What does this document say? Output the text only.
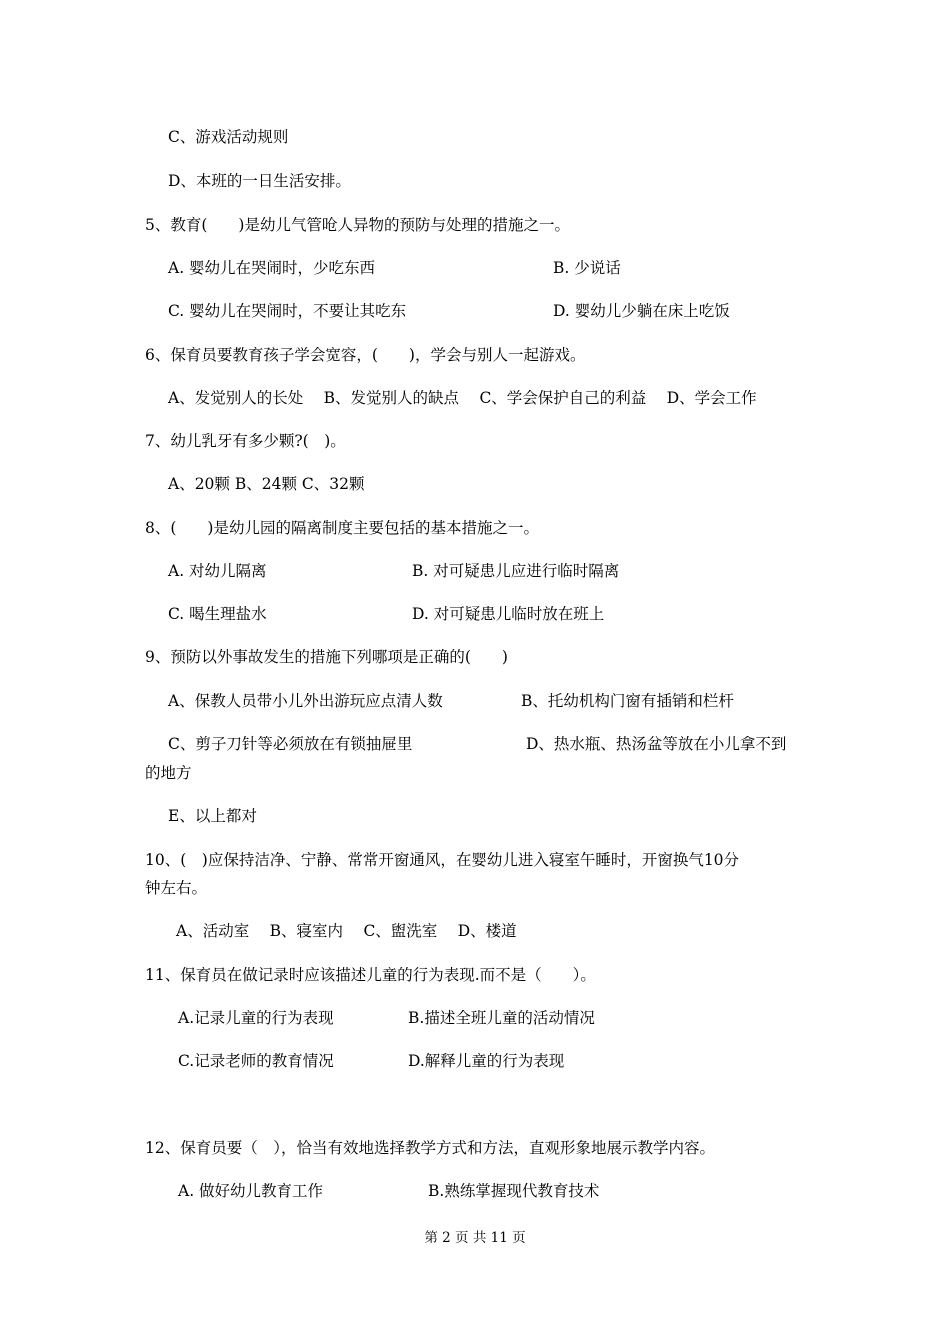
C、游戏活动规则
D、本班的一日生活安排。
5、教育(　　)是幼儿气管呛人异物的预防与处理的措施之一。
A. 婴幼儿在哭闹时，少吃东西	B. 少说话
C. 婴幼儿在哭闹时，不要让其吃东	D. 婴幼儿少躺在床上吃饭
6、保育员要教育孩子学会宽容，(　　)，学会与别人一起游戏。
A、发觉别人的长处　 B、发觉别人的缺点　 C、学会保护自己的利益　 D、学会工作
7、幼儿乳牙有多少颗?(　)。
A、20颗 B、24颗 C、32颗
8、(　　)是幼儿园的隔离制度主要包括的基本措施之一。
A. 对幼儿隔离	B. 对可疑患儿应进行临时隔离
C. 喝生理盐水	D. 对可疑患儿临时放在班上
9、预防以外事故发生的措施下列哪项是正确的(　　)
A、保教人员带小儿外出游玩应点清人数	B、托幼机构门窗有插销和栏杆
C、剪子刀针等必须放在有锁抽屉里	D、热水瓶、热汤盆等放在小儿拿不到
的地方
E、以上都对
10、(　)应保持洁净、宁静、常常开窗通风，在婴幼儿进入寝室午睡时，开窗换气10分
钟左右。
A、活动室　 B、寝室内　 C、盥洗室　 D、楼道
11、保育员在做记录时应该描述儿童的行为表现.而不是（　　）。
A.记录儿童的行为表现	B.描述全班儿童的活动情况
C.记录老师的教育情况	D.解释儿童的行为表现
12、保育员要（　），恰当有效地选择教学方式和方法，直观形象地展示教学内容。
A. 做好幼儿教育工作	B.熟练掌握现代教育技术
第 2 页 共 11 页
